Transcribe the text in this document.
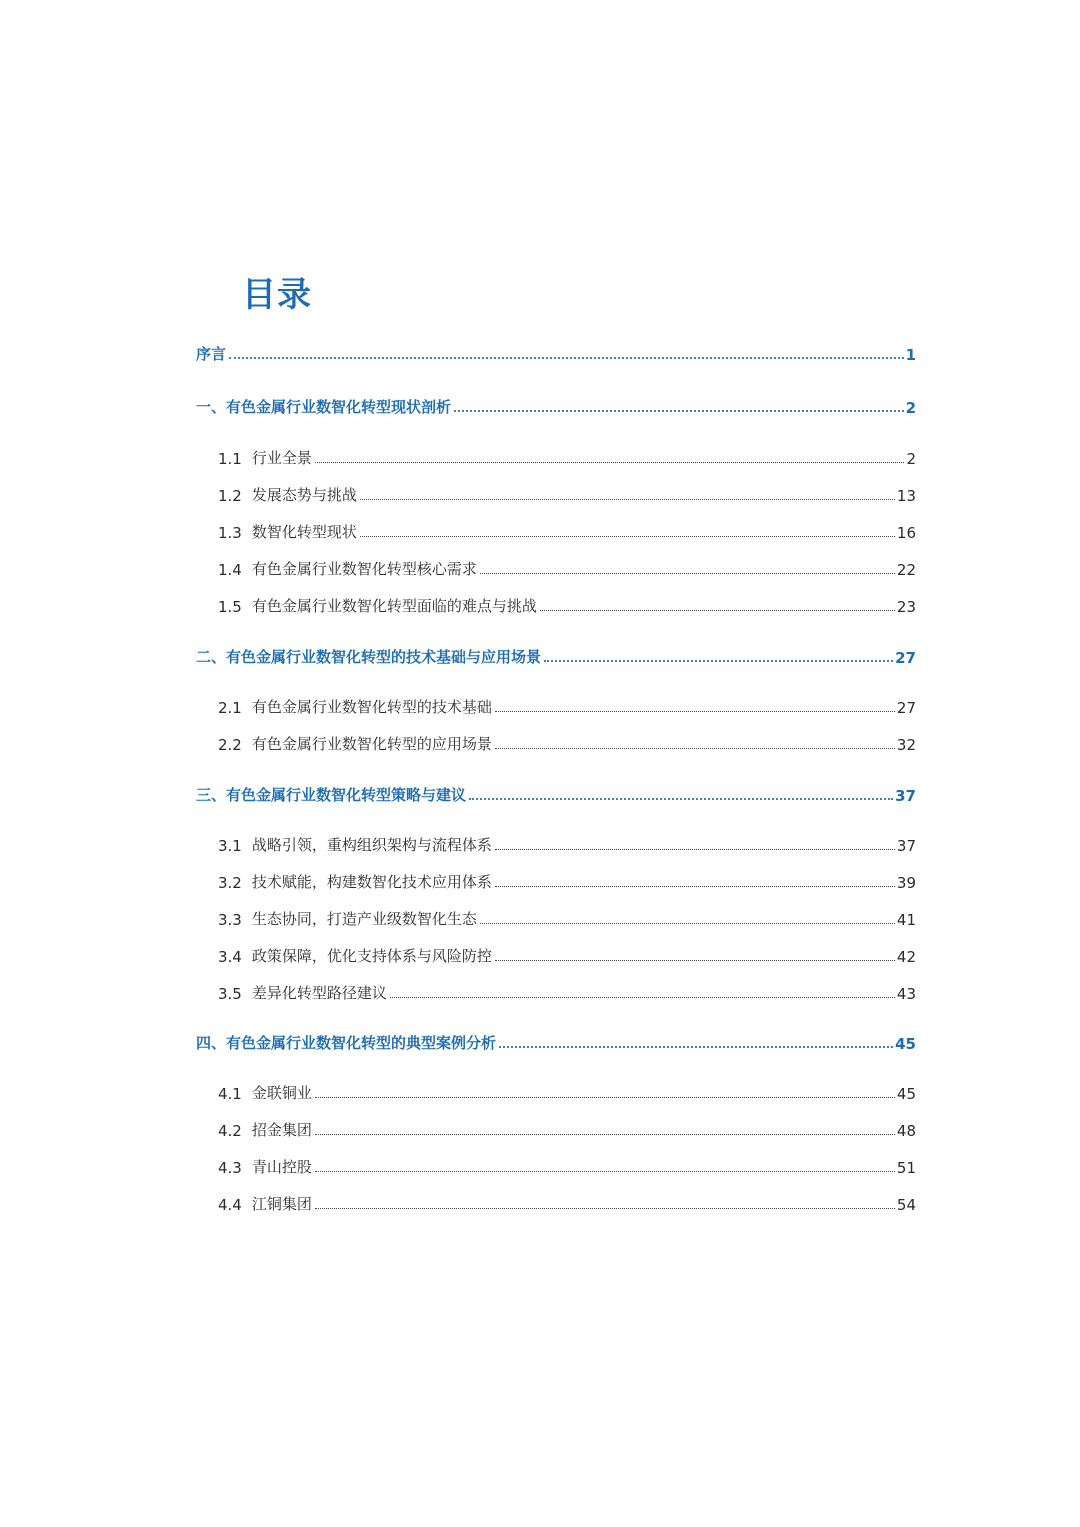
目录
序言	1
一、有色金属行业数智化转型现状剖析	2
1.1 行业全景	2
1.2 发展态势与挑战	13
1.3 数智化转型现状	16
1.4 有色金属行业数智化转型核心需求	22
1.5 有色金属行业数智化转型面临的难点与挑战	23
二、有色金属行业数智化转型的技术基础与应用场景	27
2.1 有色金属行业数智化转型的技术基础	27
2.2 有色金属行业数智化转型的应用场景	32
三、有色金属行业数智化转型策略与建议	37
3.1 战略引领，重构组织架构与流程体系	37
3.2 技术赋能，构建数智化技术应用体系	39
3.3 生态协同，打造产业级数智化生态	41
3.4 政策保障，优化支持体系与风险防控	42
3.5 差异化转型路径建议	43
四、有色金属行业数智化转型的典型案例分析	45
4.1 金联铜业	45
4.2 招金集团	48
4.3 青山控股	51
4.4 江铜集团	54
